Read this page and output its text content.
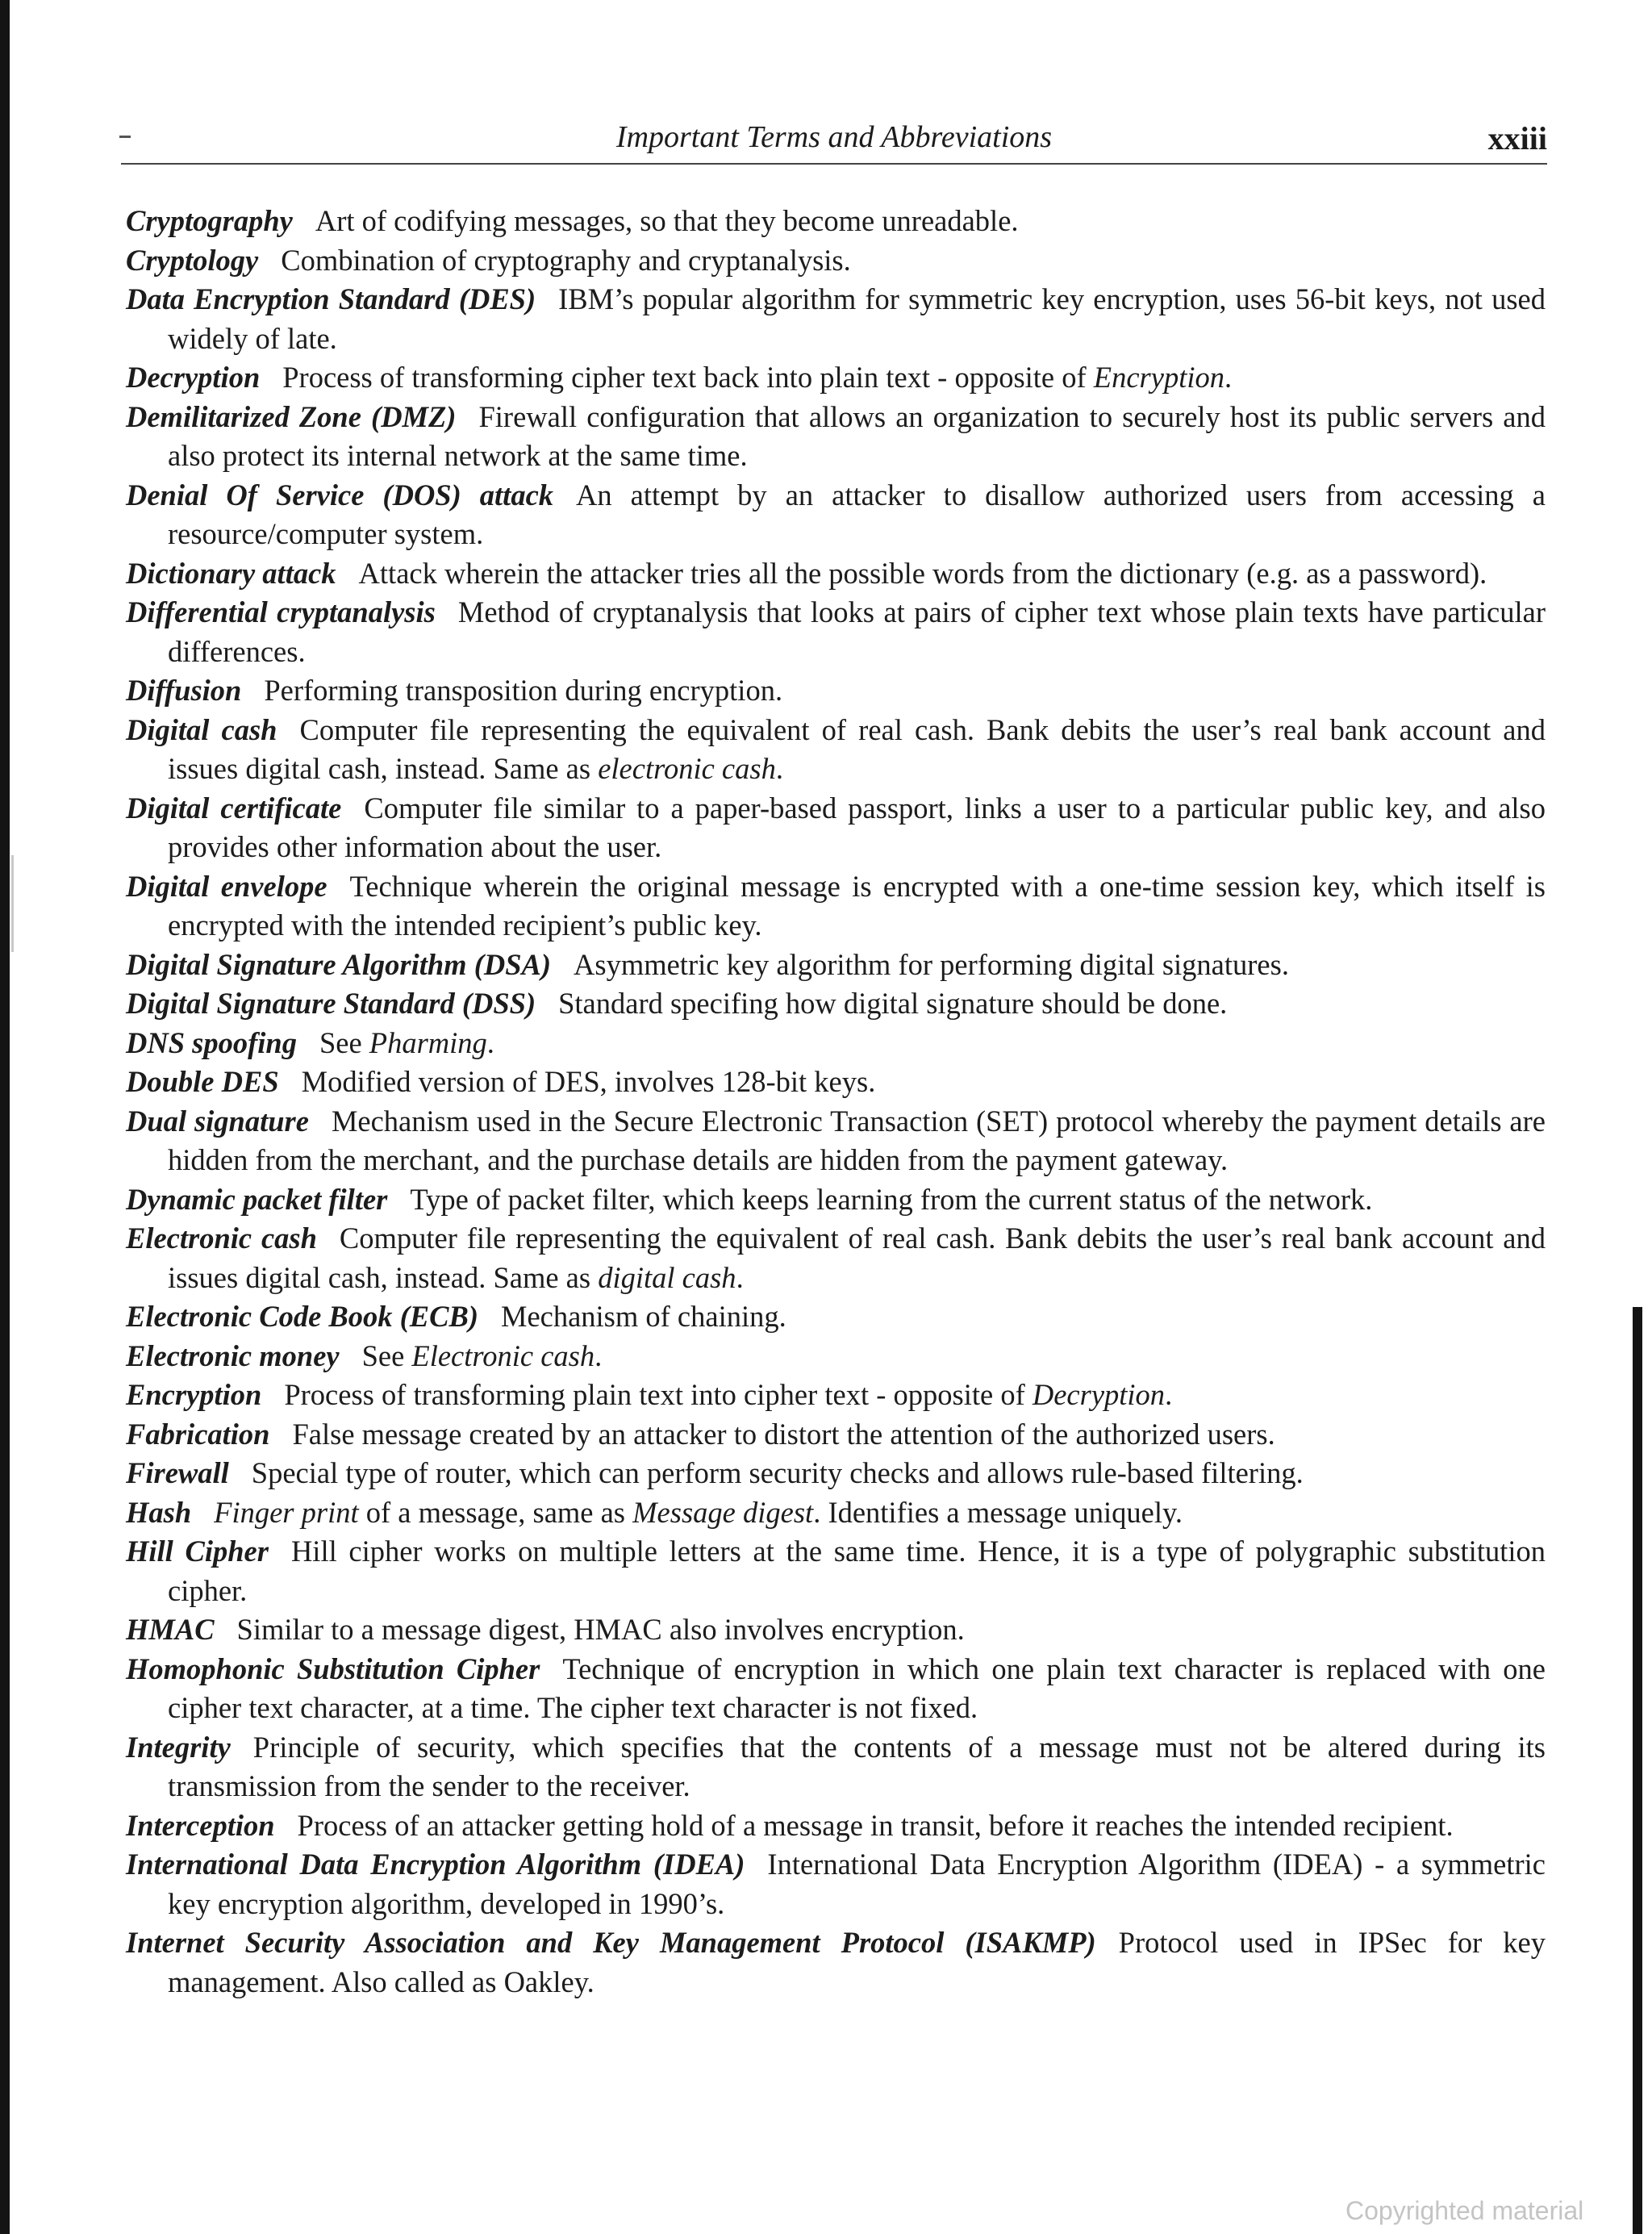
Important Terms and Abbreviations	xxiii

Cryptography Art of codifying messages, so that they become unreadable.

Cryptology Combination of cryptography and cryptanalysis.

Data Encryption Standard (DES) IBM’s popular algorithm for symmetric key encryption, uses 56-bit keys, not used widely of late.

Decryption Process of transforming cipher text back into plain text - opposite of Encryption.

Demilitarized Zone (DMZ) Firewall configuration that allows an organization to securely host its public servers and also protect its internal network at the same time.

Denial Of Service (DOS) attack An attempt by an attacker to disallow authorized users from accessing a resource/computer system.

Dictionary attack Attack wherein the attacker tries all the possible words from the dictionary (e.g. as a password).

Differential cryptanalysis Method of cryptanalysis that looks at pairs of cipher text whose plain texts have particular differences.

Diffusion Performing transposition during encryption.

Digital cash Computer file representing the equivalent of real cash. Bank debits the user’s real bank account and issues digital cash, instead. Same as electronic cash.

Digital certificate Computer file similar to a paper-based passport, links a user to a particular public key, and also provides other information about the user.

Digital envelope Technique wherein the original message is encrypted with a one-time session key, which itself is encrypted with the intended recipient’s public key.

Digital Signature Algorithm (DSA) Asymmetric key algorithm for performing digital signatures.

Digital Signature Standard (DSS) Standard specifing how digital signature should be done.

DNS spoofing See Pharming.

Double DES Modified version of DES, involves 128-bit keys.

Dual signature Mechanism used in the Secure Electronic Transaction (SET) protocol whereby the payment details are hidden from the merchant, and the purchase details are hidden from the payment gateway.

Dynamic packet filter Type of packet filter, which keeps learning from the current status of the network.

Electronic cash Computer file representing the equivalent of real cash. Bank debits the user’s real bank account and issues digital cash, instead. Same as digital cash.

Electronic Code Book (ECB) Mechanism of chaining.

Electronic money See Electronic cash.

Encryption Process of transforming plain text into cipher text - opposite of Decryption.

Fabrication False message created by an attacker to distort the attention of the authorized users.

Firewall Special type of router, which can perform security checks and allows rule-based filtering.

Hash Finger print of a message, same as Message digest. Identifies a message uniquely.

Hill Cipher Hill cipher works on multiple letters at the same time. Hence, it is a type of polygraphic substitution cipher.

HMAC Similar to a message digest, HMAC also involves encryption.

Homophonic Substitution Cipher Technique of encryption in which one plain text character is replaced with one cipher text character, at a time. The cipher text character is not fixed.

Integrity Principle of security, which specifies that the contents of a message must not be altered during its transmission from the sender to the receiver.

Interception Process of an attacker getting hold of a message in transit, before it reaches the intended recipient.

International Data Encryption Algorithm (IDEA) International Data Encryption Algorithm (IDEA) - a symmetric key encryption algorithm, developed in 1990’s.

Internet Security Association and Key Management Protocol (ISAKMP) Protocol used in IPSec for key management. Also called as Oakley.

Copyrighted material
